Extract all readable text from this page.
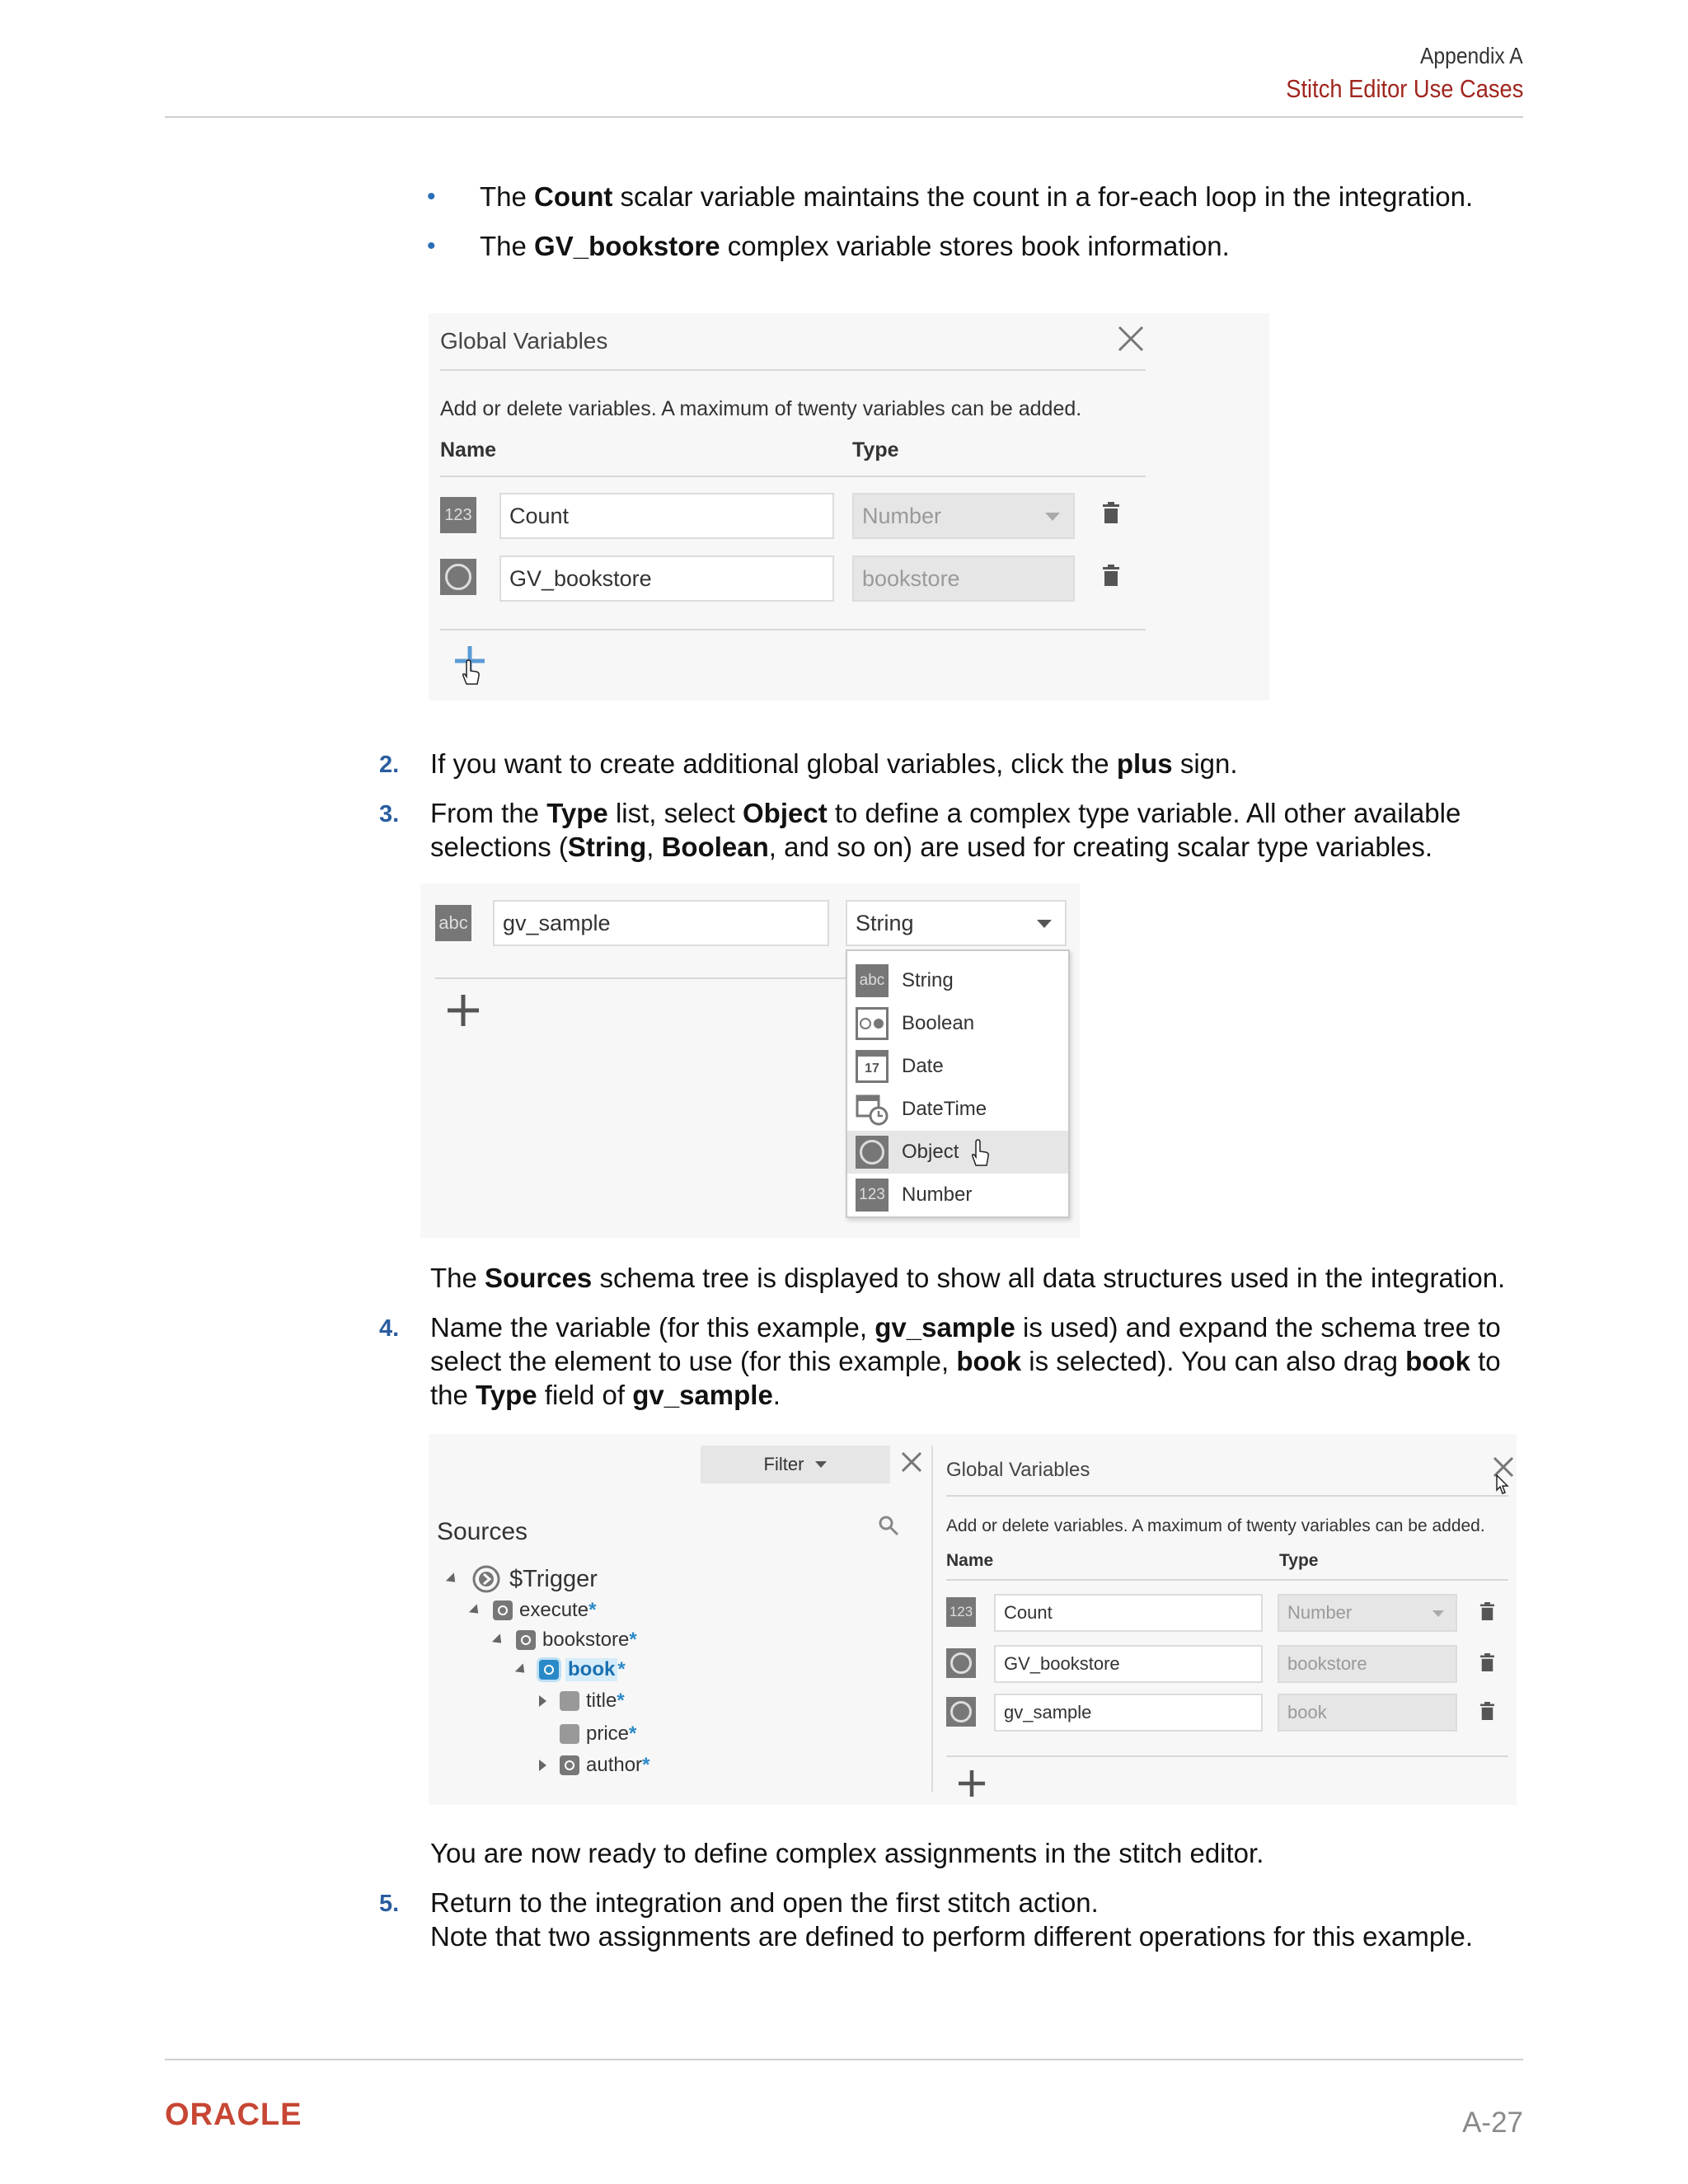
Appendix A
Stitch Editor Use Cases
• The Count scalar variable maintains the count in a for-each loop in the integration.
• The GV_bookstore complex variable stores book information.
Global Variables
Add or delete variables. A maximum of twenty variables can be added.
Name	Type
123	Count	Number
GV_bookstore	bookstore
2. If you want to create additional global variables, click the plus sign.
3. From the Type list, select Object to define a complex type variable. All other available
selections (String, Boolean, and so on) are used for creating scalar type variables.
abc	gv_sample	String
abc String
Boolean
17	Date
DateTime
Object
123 Number
The Sources schema tree is displayed to show all data structures used in the integration.
4. Name the variable (for this example, gv_sample is used) and expand the schema tree to
select the element to use (for this example, book is selected). You can also drag book to
the Type field of gv_sample.
Filter
Sources
$Trigger
execute *
bookstore *
book *
title *
price *
author *
Global Variables
Add or delete variables. A maximum of twenty variables can be added.
Name	Type
123	Count	Number
GV_bookstore	bookstore
gv_sample	book
You are now ready to define complex assignments in the stitch editor.
5. Return to the integration and open the first stitch action.
Note that two assignments are defined to perform different operations for this example.
ORACLE	A-27
